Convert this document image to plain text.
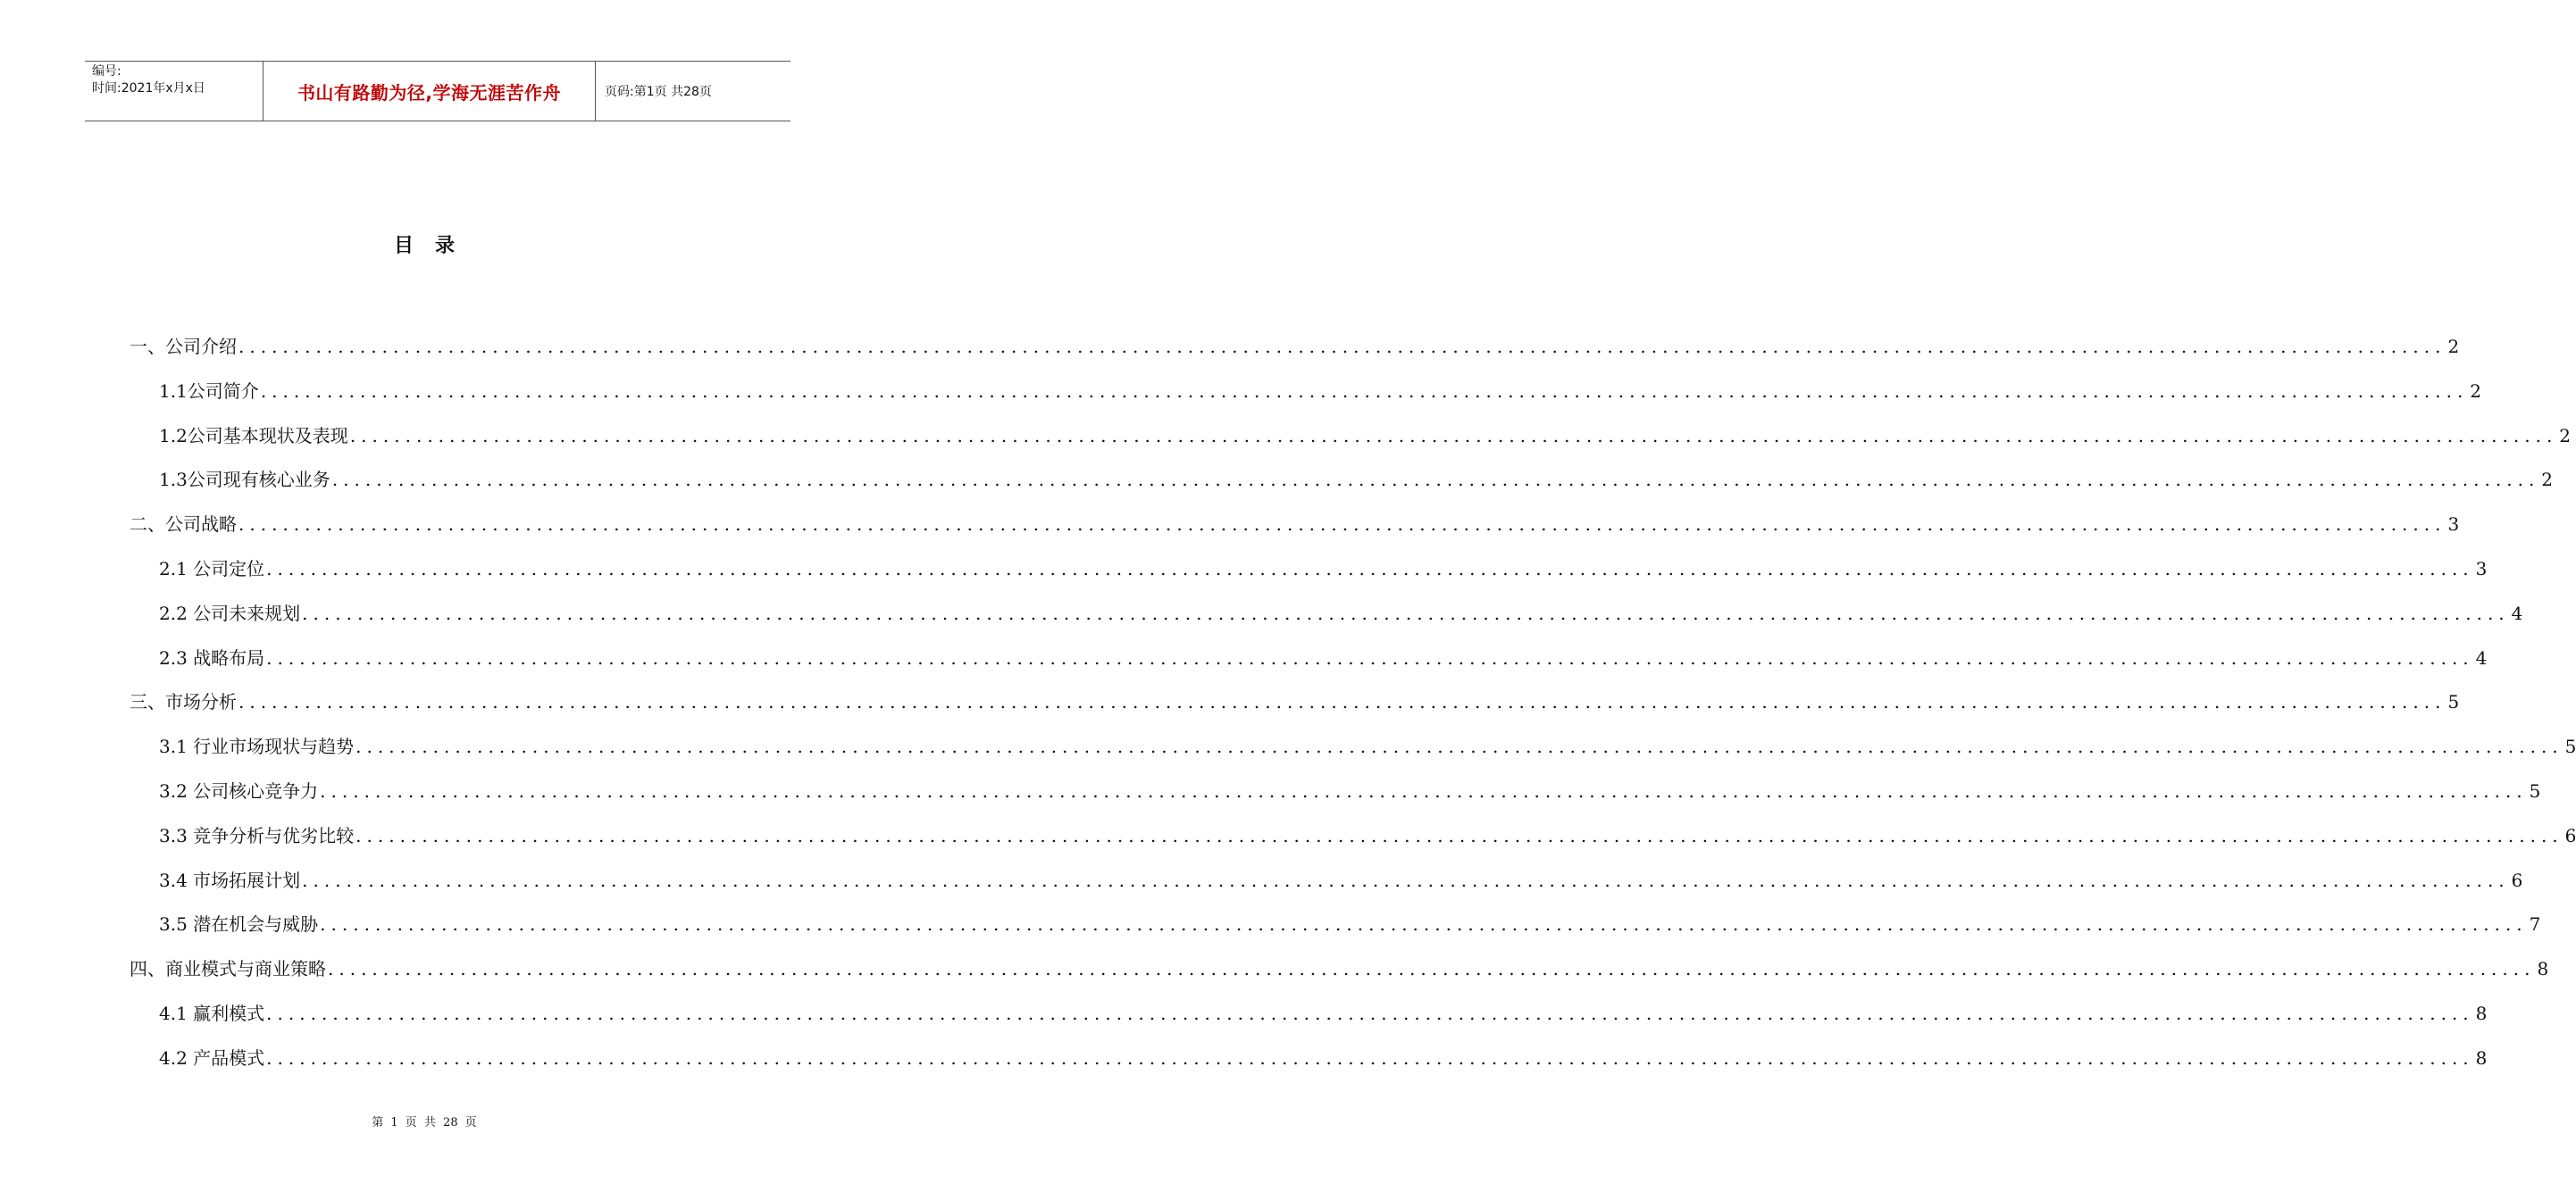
编号:
时间:2021年x月x日	书山有路勤为径,学海无涯苦作舟	页码:第1页 共28页
目录
一、公司介绍 ........................................................................................................................................................................................................ 2
1.1公司简介 ........................................................................................................................................................................................................ 2
1.2公司基本现状及表现 ........................................................................................................................................................................................................ 2
1.3公司现有核心业务 ........................................................................................................................................................................................................ 2
二、公司战略 ........................................................................................................................................................................................................ 3
2.1 公司定位 ........................................................................................................................................................................................................ 3
2.2 公司未来规划 ........................................................................................................................................................................................................ 4
2.3 战略布局 ........................................................................................................................................................................................................ 4
三、市场分析 ........................................................................................................................................................................................................ 5
3.1 行业市场现状与趋势 ........................................................................................................................................................................................................ 5
3.2 公司核心竞争力 ........................................................................................................................................................................................................ 5
3.3 竞争分析与优劣比较 ........................................................................................................................................................................................................ 6
3.4 市场拓展计划 ........................................................................................................................................................................................................ 6
3.5 潜在机会与威胁 ........................................................................................................................................................................................................ 7
四、商业模式与商业策略 ........................................................................................................................................................................................................ 8
4.1 赢利模式 ........................................................................................................................................................................................................ 8
4.2 产品模式 ........................................................................................................................................................................................................ 8
第 1 页 共 28 页
